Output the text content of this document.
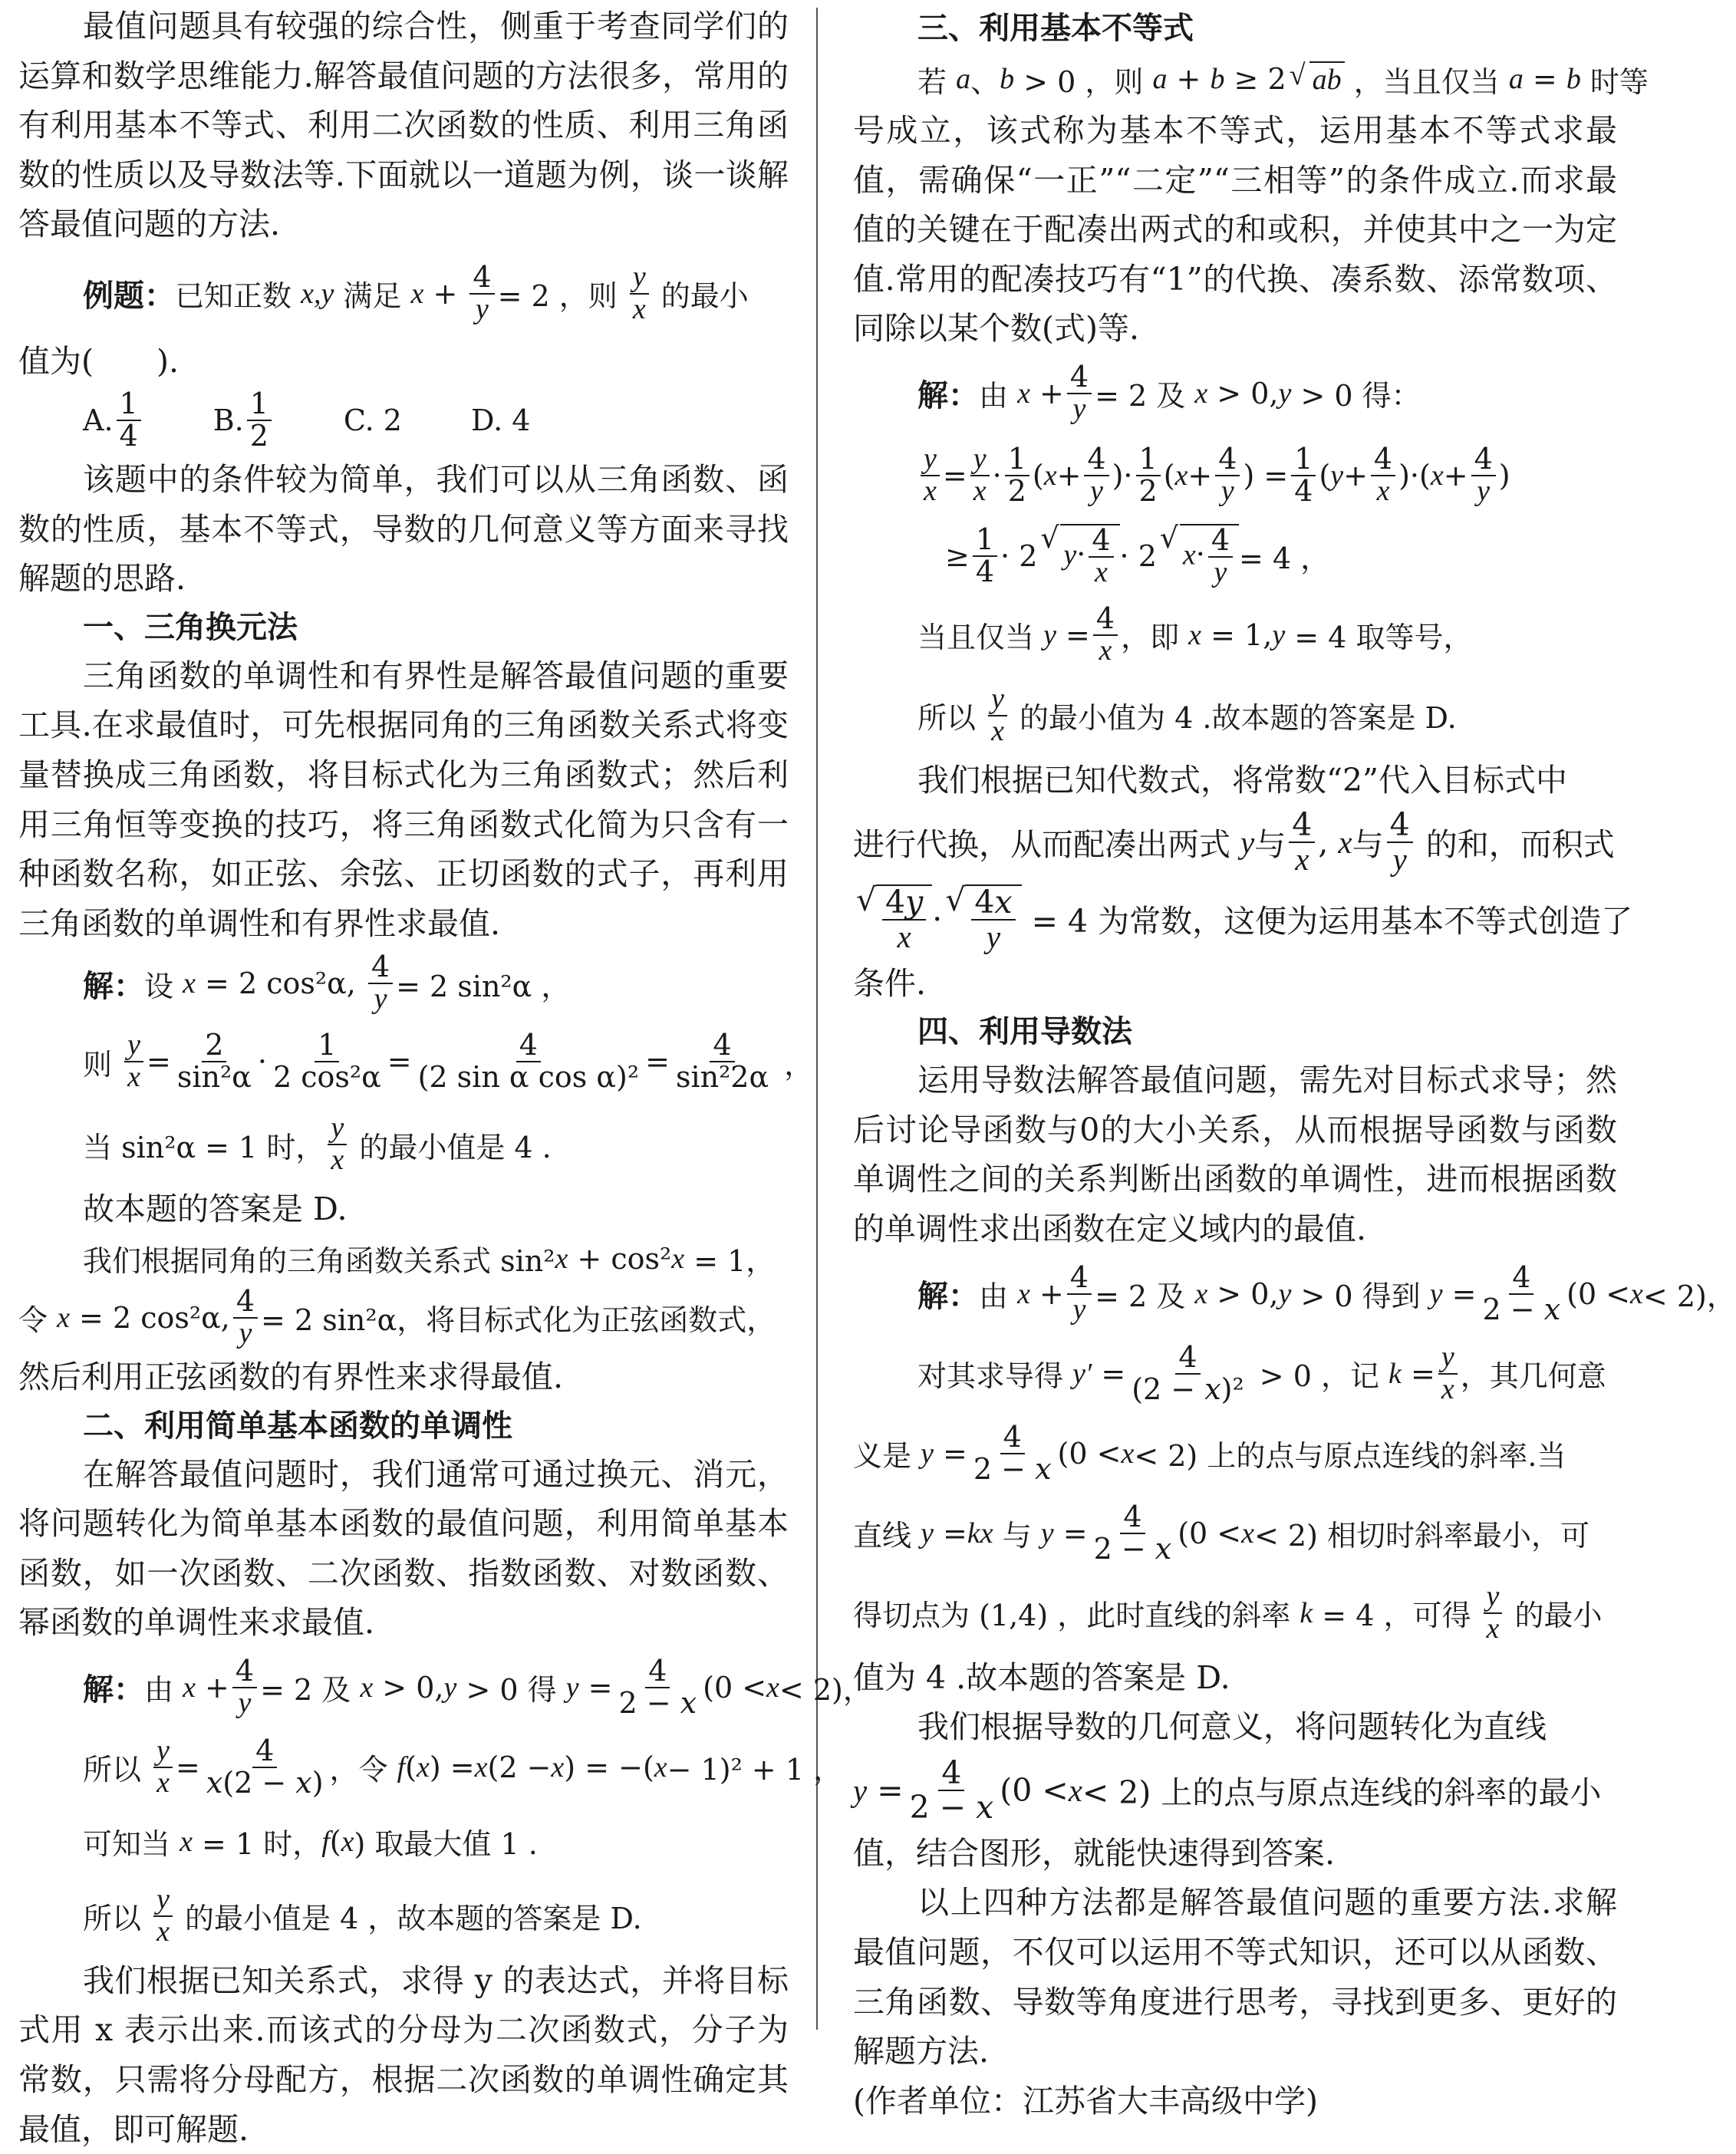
最值问题具有较强的综合性，侧重于考查同学们的运算和数学思维能力.解答最值问题的方法很多，常用的有利用基本不等式、利用二次函数的性质、利用三角函数的性质以及导数法等.下面就以一道题为例，谈一谈解答最值问题的方法.

例题： 已知正数 x,y 满足 $x + \frac{4}{y} = 2$ ，则 $\frac{y}{x}$ 的最小

值为(　　).

A. $\frac{1}{4} B$. $\frac{1}{2} C$. 2 D. 4

该题中的条件较为简单，我们可以从三角函数、函数的性质，基本不等式，导数的几何意义等方面来寻找解题的思路.

一、三角换元法

三角函数的单调性和有界性是解答最值问题的重要工具.在求最值时，可先根据同角的三角函数关系式将变量替换成三角函数，将目标式化为三角函数式；然后利用三角恒等变换的技巧，将三角函数式化简为只含有一种函数名称，如正弦、余弦、正切函数的式子，再利用三角函数的单调性和有界性求最值.

解： 设 x = 2 cos²α, $\frac{4}{y} = 2$ sin²α ，
则 $\frac{y}{x} = \frac{2}{\text{sin²α}} \cdot \frac{1}{\text{2 cos²α}} = \frac{4}{\text{(2 sin α cos α)²}} = \frac{4}{\text{sin²2α}}$ ，
当 sin²α = 1 时， $\frac{y}{x}$ 的最小值是 4 .

故本题的答案是 D.

我们根据同角的三角函数关系式 sin² x + cos² x = 1，
令 x = 2 cos²α, $\frac{4}{y} = 2$ sin²α，将目标式化为正弦函数式，

然后利用正弦函数的有界性来求得最值.

二、利用简单基本函数的单调性

在解答最值问题时，我们通常可通过换元、消元，将问题转化为简单基本函数的最值问题，利用简单基本函数，如一次函数、二次函数、指数函数、对数函数、幂函数的单调性来求最值.

解： 由 $x + \frac{4}{y} = 2$ 及 x > 0, y > 0 得 $y = \frac{4}{2 - x} (0 < x < 2)$，
所以 $\frac{y}{x} = \frac{4}{x(2 - x)}$ ，令 f ( x ) = x (2 − x ) = −( x − 1)² + 1 ，
可知当 x = 1 时， f ( x ) 取最大值 1 .
所以 $\frac{y}{x}$ 的最小值是 4 ，故本题的答案是 D.

我们根据已知关系式，求得 y 的表达式，并将目标式用 x 表示出来.而该式的分母为二次函数式，分子为常数，只需将分母配方，根据二次函数的单调性确定其最值，即可解题.

三、利用基本不等式
若 a 、 b > 0 ，则 a + b ≥ 2 √ ab ，当且仅当 a = b 时等

号成立，该式称为基本不等式，运用基本不等式求最值，需确保“一正”“二定”“三相等”的条件成立.而求最值的关键在于配凑出两式的和或积，并使其中之一为定值.常用的配凑技巧有“1”的代换、凑系数、添常数项、同除以某个数(式)等.

解： 由 $x + \frac{4}{y} = 2$ 及 x > 0, y > 0 得：
$\frac{y}{x} = \frac{y}{x} \cdot \frac{1}{2}$ ( $x + \frac{4}{y}$ )· $\frac{1}{2}$ ( $x + \frac{4}{y}$ ) = $\frac{1}{4}$ ( $y + \frac{4}{x}$ )·( $x + \frac{4}{y}$ )
≥ $\frac{1}{4} \cdot 2$ √ $y\cdot \frac{4}{x} \cdot 2$ √ $x\cdot \frac{4}{y} = 4$ ，
当且仅当 $y = \frac{4}{x}$ ，即 x = 1, y = 4 取等号，
所以 $\frac{y}{x}$ 的最小值为 4 .故本题的答案是 D.

我们根据已知代数式，将常数“2”代入目标式中

进行代换，从而配凑出两式 y 与 $\frac{4}{x}$ , x 与 $\frac{4}{y}$ 的和，而积式
√ $\frac{4y}{x}$ · √ $\frac{4x}{y} = 4$ 为常数，这便为运用基本不等式创造了

条件.

四、利用导数法

运用导数法解答最值问题，需先对目标式求导；然后讨论导函数与0的大小关系，从而根据导函数与函数单调性之间的关系判断出函数的单调性，进而根据函数的单调性求出函数在定义域内的最值.

解： 由 $x + \frac{4}{y} = 2$ 及 x > 0, y > 0 得到 $y = \frac{4}{2 - x} (0 < x < 2)$，
对其求导得 $y' = \frac{4}{\text{(2 − x)²}} > 0$ ，记 $k = \frac{y}{x}$ ，其几何意
义是 $y = \frac{4}{2 - x} (0 < x < 2)$ 上的点与原点连线的斜率.当
直线 y = kx 与 $y = \frac{4}{2 - x} (0 < x < 2)$ 相切时斜率最小，可
得切点为 (1,4) ，此时直线的斜率 k = 4 ，可得 $\frac{y}{x}$ 的最小

值为 4 .故本题的答案是 D.

我们根据导数的几何意义，将问题转化为直线

$y = \frac{4}{2 - x} (0 < x < 2)$ 上的点与原点连线的斜率的最小

值，结合图形，就能快速得到答案.

以上四种方法都是解答最值问题的重要方法.求解最值问题，不仅可以运用不等式知识，还可以从函数、三角函数、导数等角度进行思考，寻找到更多、更好的解题方法.

(作者单位：江苏省大丰高级中学)
